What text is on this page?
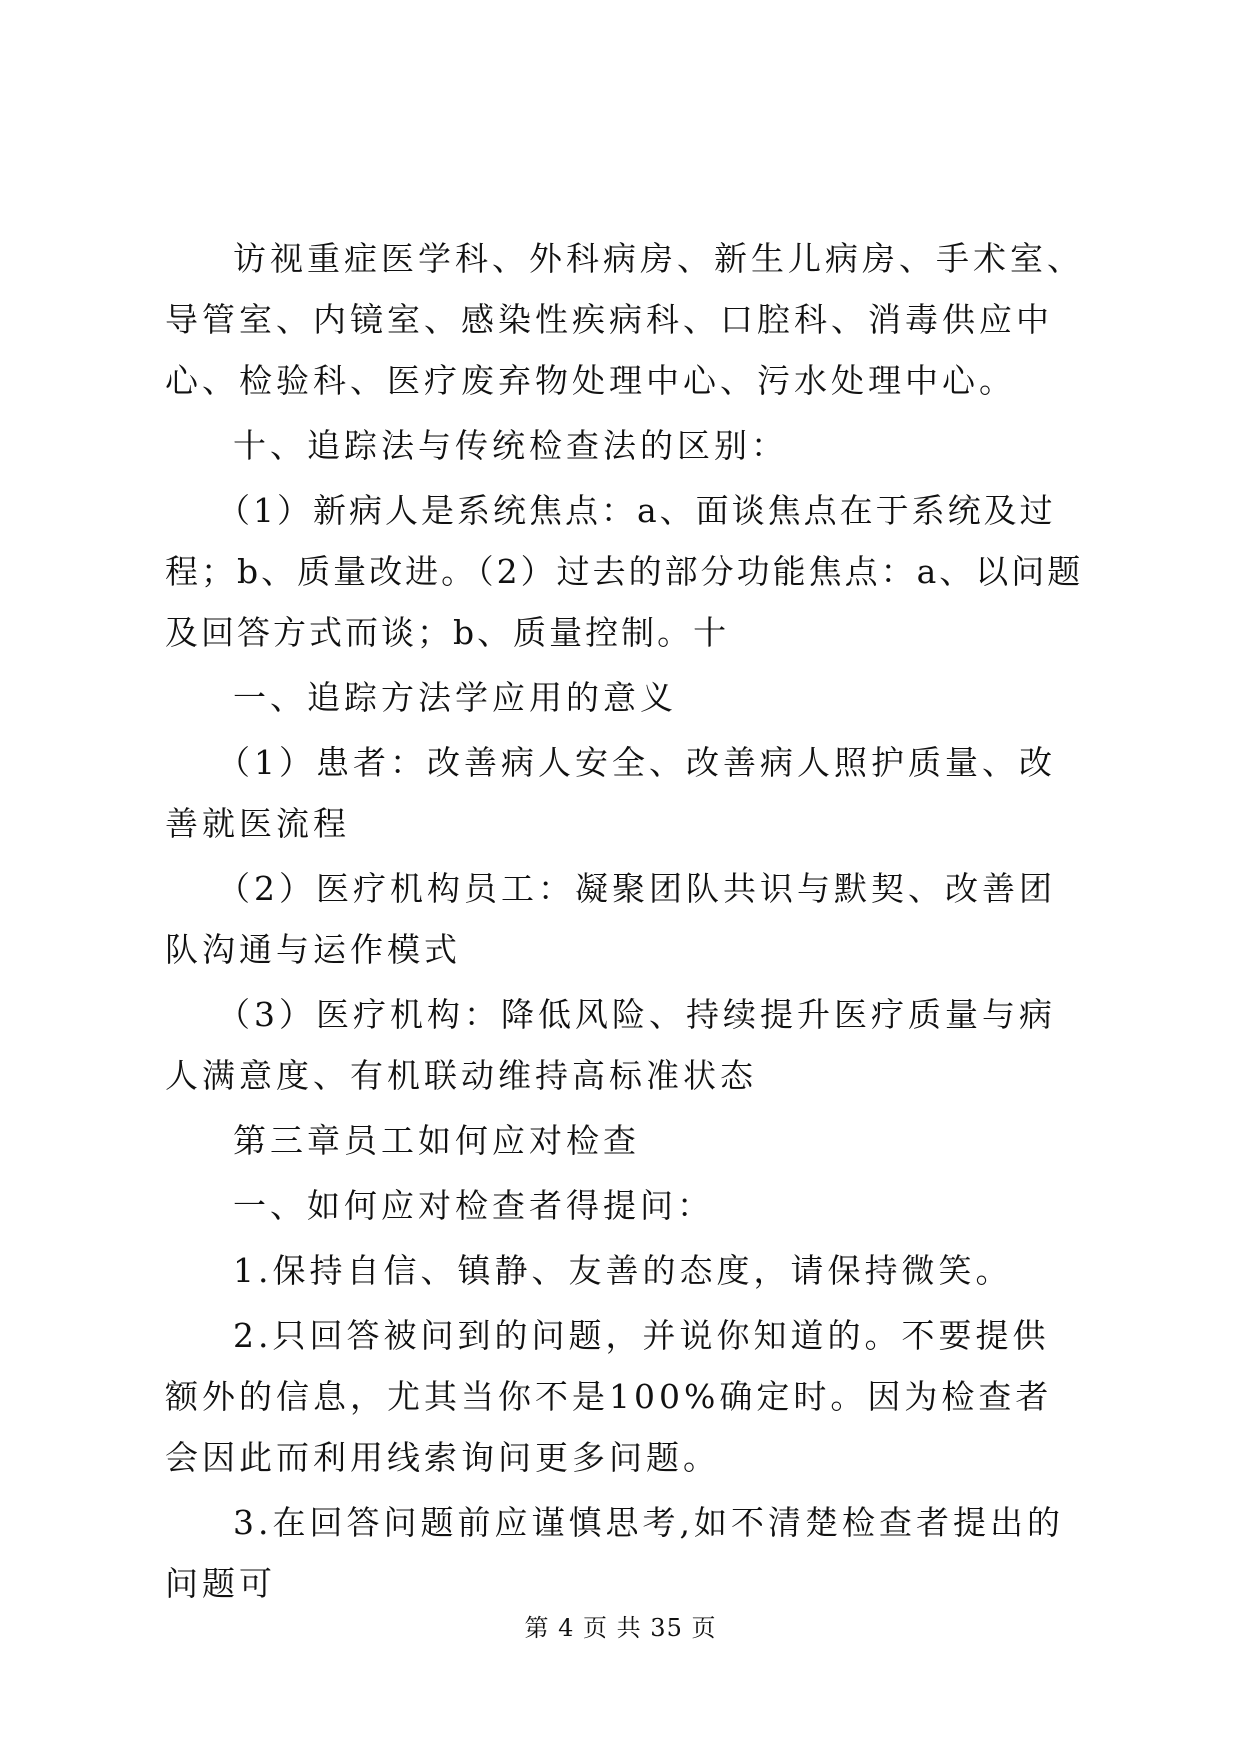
访视重症医学科、外科病房、新生儿病房、手术室、导管室、内镜室、感染性疾病科、口腔科、消毒供应中心、检验科、医疗废弃物处理中心、污水处理中心。

十、追踪法与传统检查法的区别：

（1）新病人是系统焦点：a、面谈焦点在于系统及过程；b、质量改进。（2）过去的部分功能焦点：a、以问题及回答方式而谈；b、质量控制。十

一、追踪方法学应用的意义

（1）患者：改善病人安全、改善病人照护质量、改善就医流程

（2）医疗机构员工：凝聚团队共识与默契、改善团队沟通与运作模式

（3）医疗机构：降低风险、持续提升医疗质量与病人满意度、有机联动维持高标准状态

第三章员工如何应对检查

一、如何应对检查者得提问：

1.保持自信、镇静、友善的态度，请保持微笑。

2.只回答被问到的问题，并说你知道的。不要提供额外的信息，尤其当你不是100%确定时。因为检查者会因此而利用线索询问更多问题。

3.在回答问题前应谨慎思考,如不清楚检查者提出的问题可

第 4 页 共 35 页
